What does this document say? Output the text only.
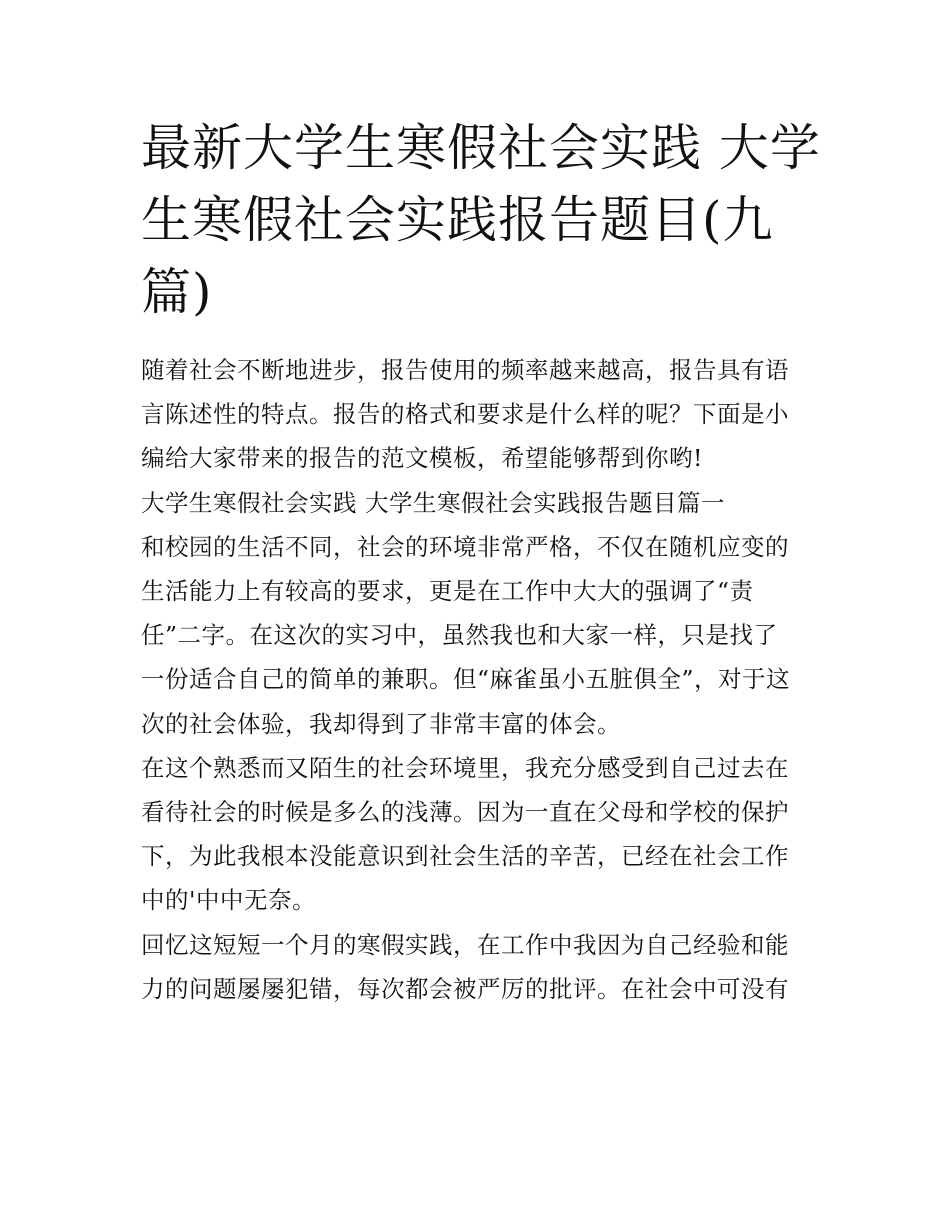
最新大学生寒假社会实践 大学
生寒假社会实践报告题目(九
篇)
随着社会不断地进步，报告使用的频率越来越高，报告具有语
言陈述性的特点。报告的格式和要求是什么样的呢？下面是小
编给大家带来的报告的范文模板，希望能够帮到你哟!
大学生寒假社会实践 大学生寒假社会实践报告题目篇一
和校园的生活不同，社会的环境非常严格，不仅在随机应变的
生活能力上有较高的要求，更是在工作中大大的强调了“责
任”二字。在这次的实习中，虽然我也和大家一样，只是找了
一份适合自己的简单的兼职。但“麻雀虽小五脏俱全”，对于这
次的社会体验，我却得到了非常丰富的体会。
在这个熟悉而又陌生的社会环境里，我充分感受到自己过去在
看待社会的时候是多么的浅薄。因为一直在父母和学校的保护
下，为此我根本没能意识到社会生活的辛苦，已经在社会工作
中的'中中无奈。
回忆这短短一个月的寒假实践，在工作中我因为自己经验和能
力的问题屡屡犯错，每次都会被严厉的批评。在社会中可没有
